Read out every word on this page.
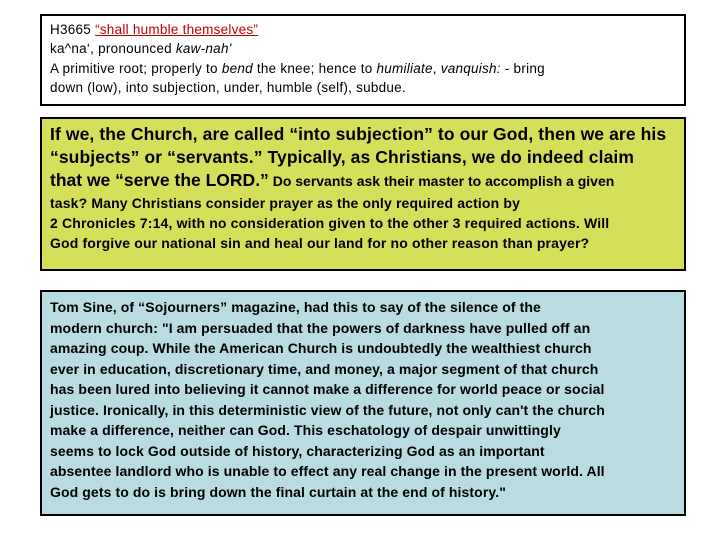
H3665 “shall humble themselves”
ka^na‘, pronounced kaw-nah'
A primitive root; properly to bend the knee; hence to humiliate, vanquish: - bring
down (low), into subjection, under, humble (self), subdue.
If we, the Church, are called “into subjection” to our God, then we are his
“subjects” or “servants.” Typically, as Christians, we do indeed claim
that we “serve the LORD.” Do servants ask their master to accomplish a given
task? Many Christians consider prayer as the only required action by
2 Chronicles 7:14, with no consideration given to the other 3 required actions. Will
God forgive our national sin and heal our land for no other reason than prayer?
Tom Sine, of “Sojourners” magazine, had this to say of the silence of the
modern church: "I am persuaded that the powers of darkness have pulled off an
amazing coup. While the American Church is undoubtedly the wealthiest church
ever in education, discretionary time, and money, a major segment of that church
has been lured into believing it cannot make a difference for world peace or social
justice. Ironically, in this deterministic view of the future, not only can't the church
make a difference, neither can God. This eschatology of despair unwittingly
seems to lock God outside of history, characterizing God as an important
absentee landlord who is unable to effect any real change in the present world. All
God gets to do is bring down the final curtain at the end of history."
